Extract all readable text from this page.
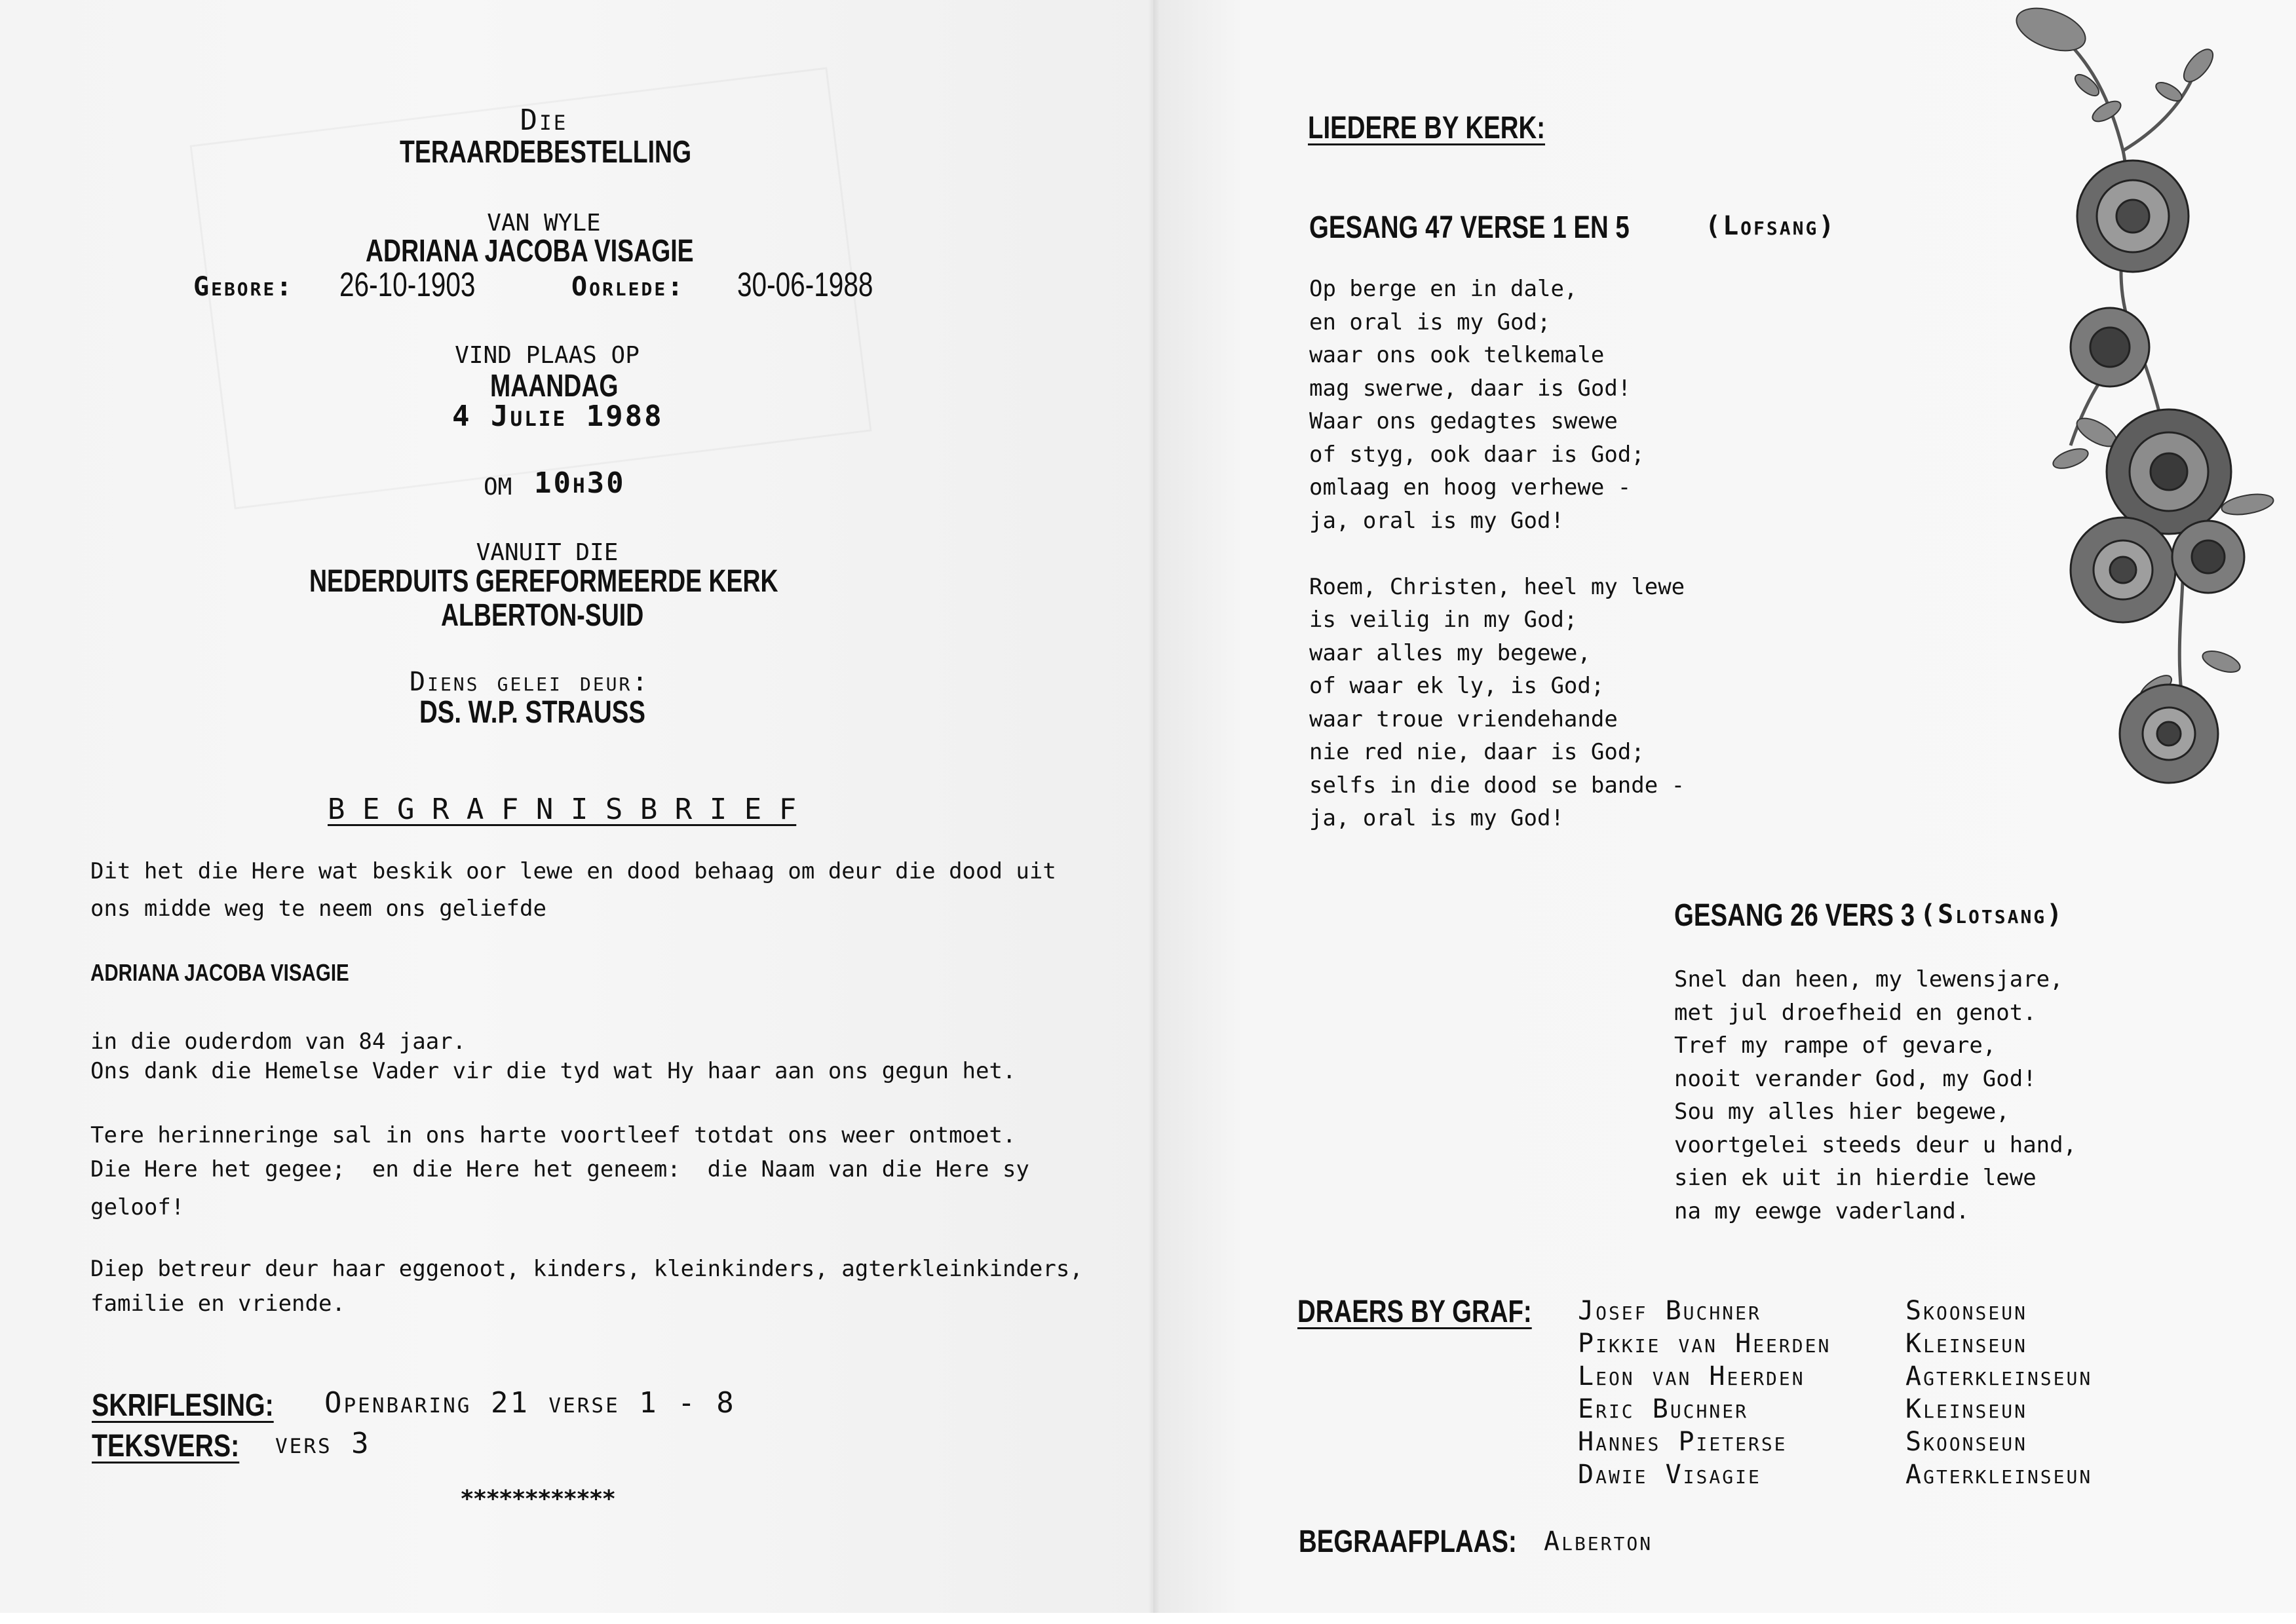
Die
TERAARDEBESTELLING
VAN WYLE
ADRIANA JACOBA VISAGIE
Gebore: 26-10-1903	Oorlede: 30-06-1988
VIND PLAAS OP
MAANDAG
4 Julie 1988
OM 10h30
VANUIT DIE
NEDERDUITS GEREFORMEERDE KERK
ALBERTON-SUID
Diens gelei deur:
DS. W.P. STRAUSS
B E G R A F N I S B R I E F
Dit het die Here wat beskik oor lewe en dood behaag om deur die dood uit
ons midde weg te neem ons geliefde
ADRIANA JACOBA VISAGIE
in die ouderdom van 84 jaar.
Ons dank die Hemelse Vader vir die tyd wat Hy haar aan ons gegun het.
Tere herinneringe sal in ons harte voortleef totdat ons weer ontmoet.
Die Here het gegee;  en die Here het geneem:  die Naam van die Here sy
geloof!
Diep betreur deur haar eggenoot, kinders, kleinkinders, agterkleinkinders,
familie en vriende.
SKRIFLESING: Openbaring 21 verse 1 - 8
TEKSVERS: vers 3
************
LIEDERE BY KERK:
GESANG 47 VERSE 1 EN 5	(Lofsang)
Op berge en in dale,
en oral is my God;
waar ons ook telkemale
mag swerwe, daar is God!
Waar ons gedagtes swewe
of styg, ook daar is God;
omlaag en hoog verhewe -
ja, oral is my God!
Roem, Christen, heel my lewe
is veilig in my God;
waar alles my begewe,
of waar ek ly, is God;
waar troue vriendehande
nie red nie, daar is God;
selfs in die dood se bande -
ja, oral is my God!
GESANG 26 VERS 3 (Slotsang)
Snel dan heen, my lewensjare,
met jul droefheid en genot.
Tref my rampe of gevare,
nooit verander God, my God!
Sou my alles hier begewe,
voortgelei steeds deur u hand,
sien ek uit in hierdie lewe
na my eewge vaderland.
DRAERS BY GRAF: Josef Buchner	Skoonseun
Pikkie van Heerden	Kleinseun
Leon van Heerden	Agterkleinseun
Eric Buchner	Kleinseun
Hannes Pieterse	Skoonseun
Dawie Visagie	Agterkleinseun
BEGRAAFPLAAS: Alberton
